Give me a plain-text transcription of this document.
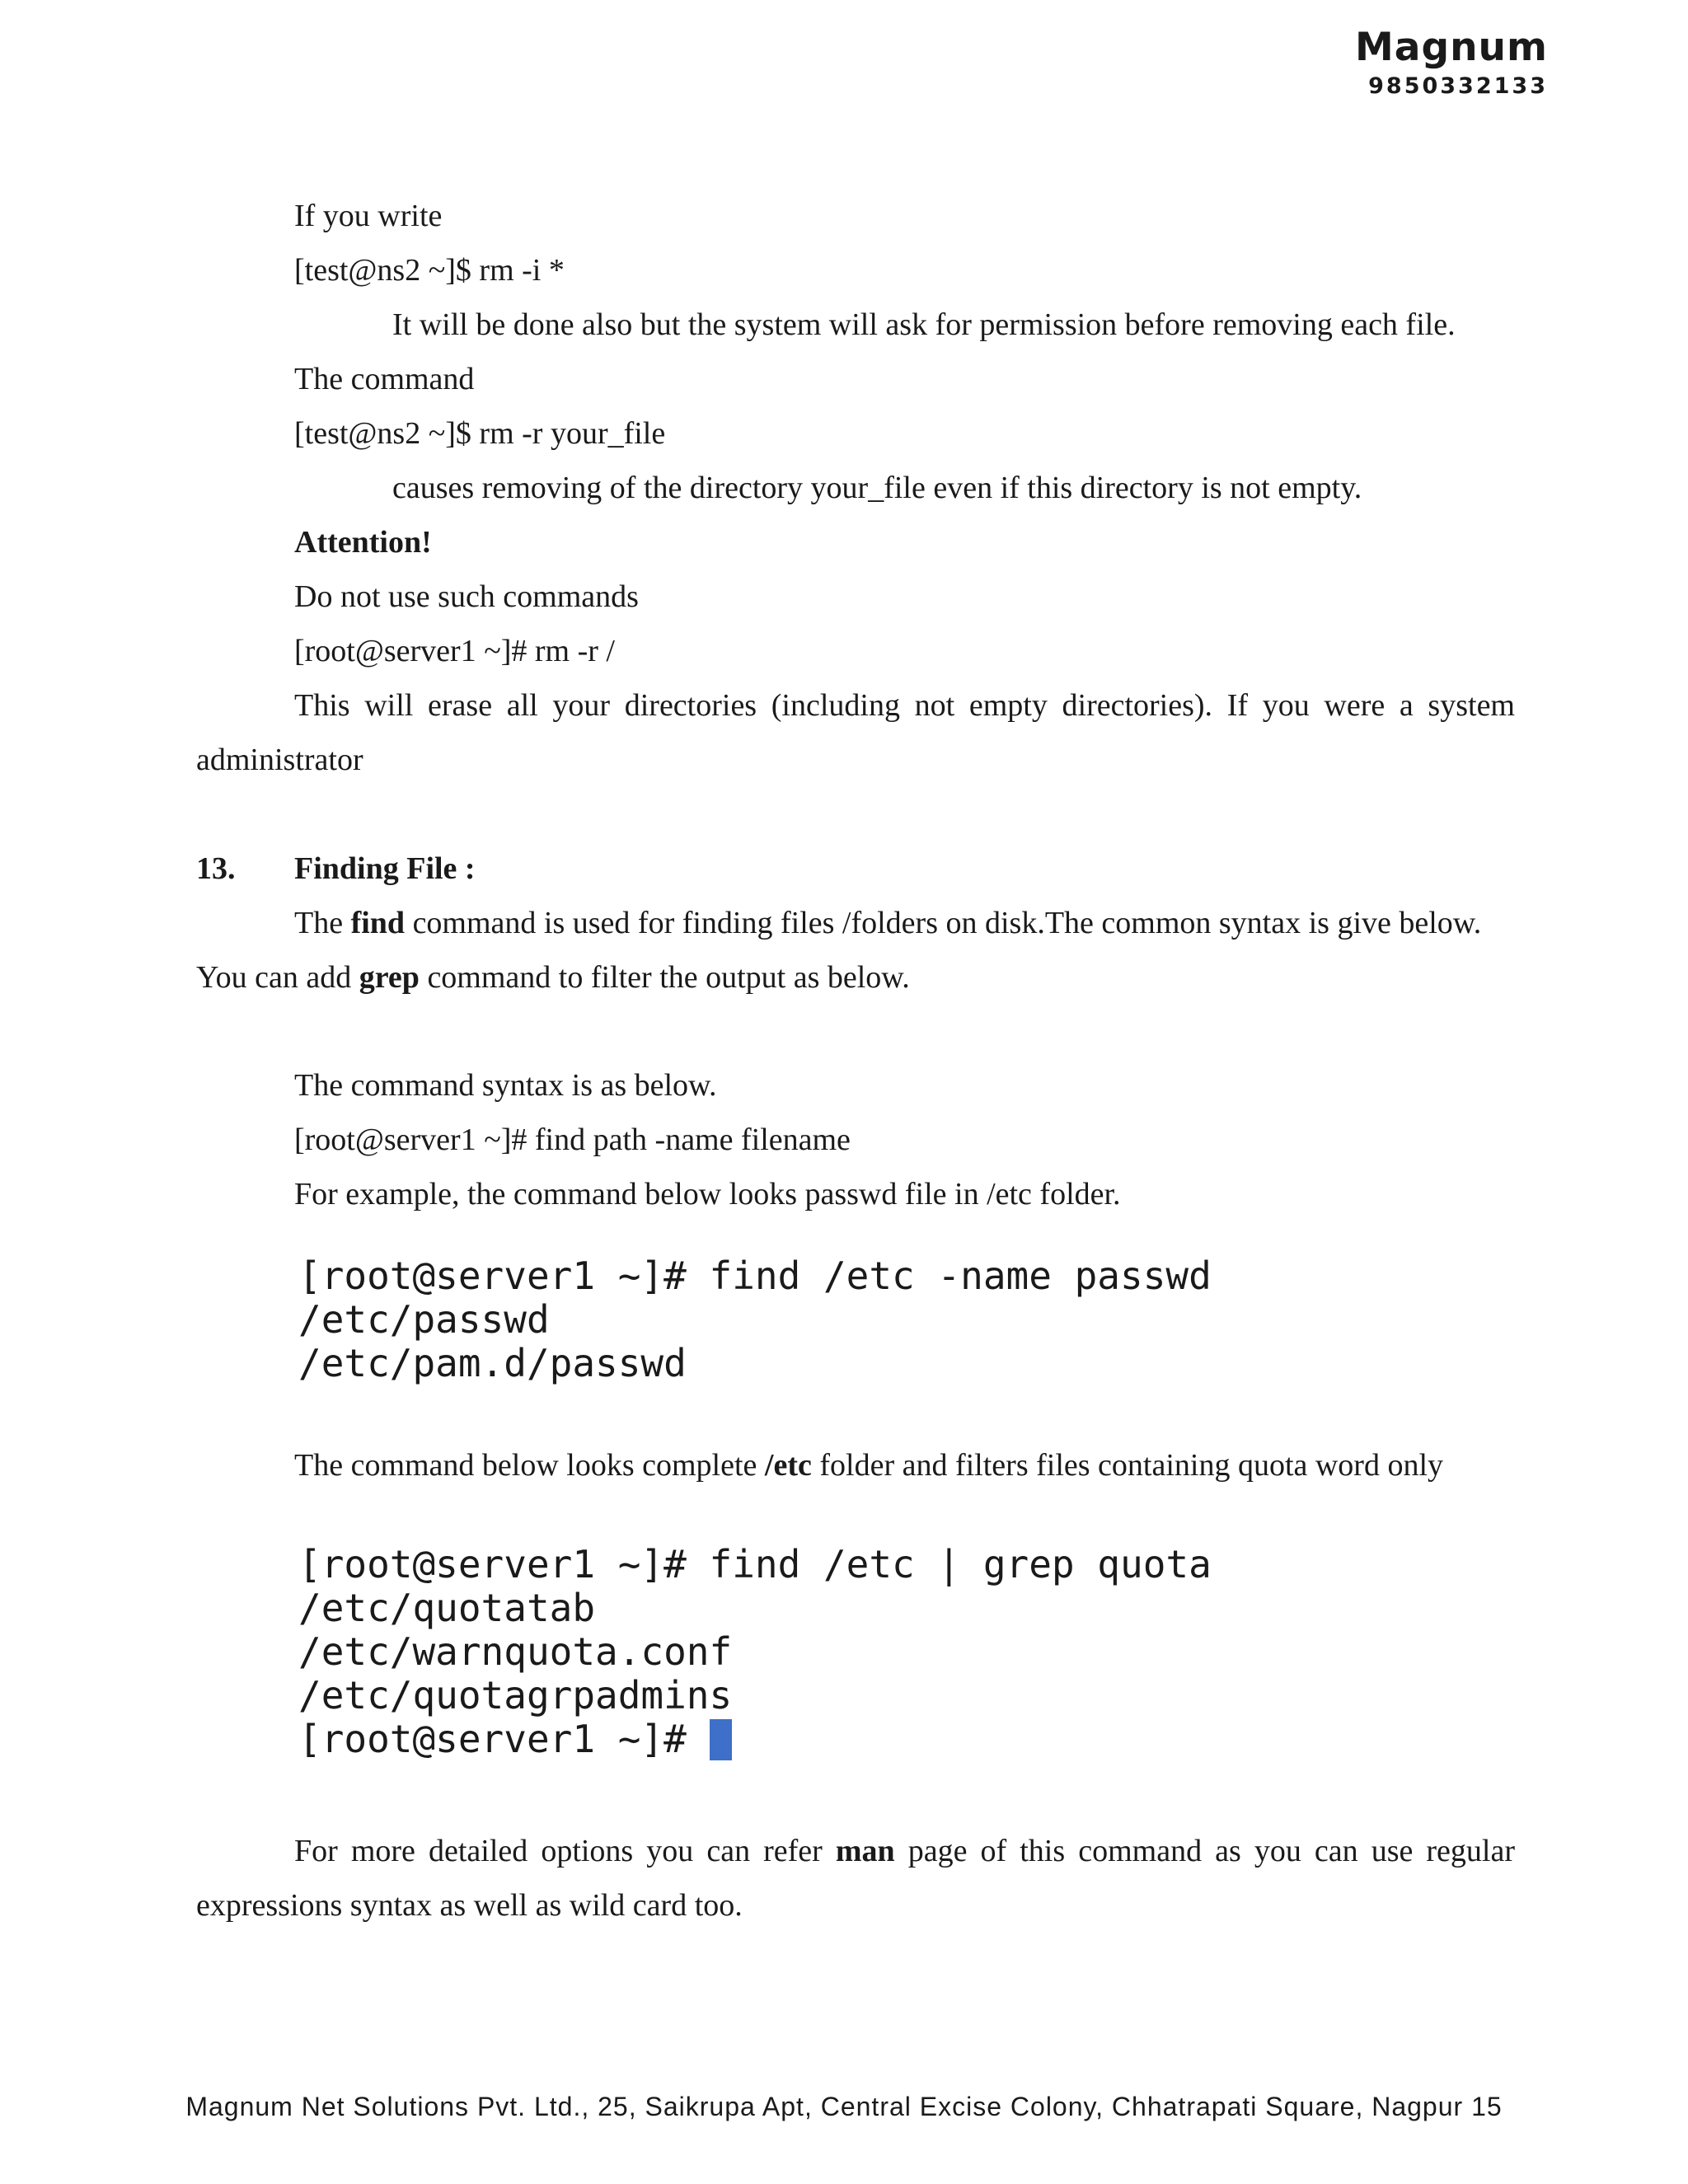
Magnum
9850332133
If you write
[test@ns2 ~]$ rm -i *
It will be done also but the system will ask for permission before removing each file.
The command
[test@ns2 ~]$ rm -r your_file
causes removing of the directory your_file even if this directory is not empty.
Attention!
Do not use such commands
[root@server1 ~]# rm -r /
This will erase all your directories (including not empty directories). If you were a system
administrator
13. Finding File :
The find command is used for finding files /folders on disk.The common syntax is give below.
You can add grep command to filter the output as below.
The command syntax is as below.
[root@server1 ~]# find path -name filename
For example, the command below looks passwd file in /etc folder.
[root@server1 ~]# find /etc -name passwd
/etc/passwd
/etc/pam.d/passwd
The command below looks complete /etc folder and filters files containing quota word only
[root@server1 ~]# find /etc | grep quota
/etc/quotatab
/etc/warnquota.conf
/etc/quotagrpadmins
[root@server1 ~]#
For more detailed options you can refer man page of this command as you can use regular
expressions syntax as well as wild card too.
Magnum Net Solutions Pvt. Ltd., 25, Saikrupa Apt, Central Excise Colony, Chhatrapati Square, Nagpur 15
